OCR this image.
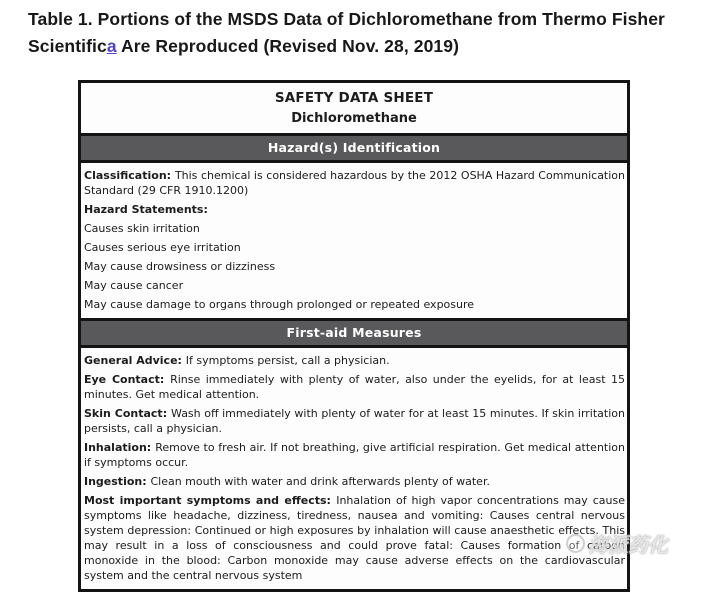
Table 1. Portions of the MSDS Data of Dichloromethane from Thermo Fisher
Scientifica Are Reproduced (Revised Nov. 28, 2019)
SAFETY DATA SHEET
Dichloromethane
Hazard(s) Identification

Classification: This chemical is considered hazardous by the 2012 OSHA Hazard Communication Standard (29 CFR 1910.1200)

Hazard Statements:

Causes skin irritation

Causes serious eye irritation

May cause drowsiness or dizziness

May cause cancer

May cause damage to organs through prolonged or repeated exposure

First-aid Measures

General Advice: If symptoms persist, call a physician.

Eye Contact: Rinse immediately with plenty of water, also under the eyelids, for at least 15 minutes. Get medical attention.

Skin Contact: Wash off immediately with plenty of water for at least 15 minutes. If skin irritation persists, call a physician.

Inhalation: Remove to fresh air. If not breathing, give artificial respiration. Get medical attention if symptoms occur.

Ingestion: Clean mouth with water and drink afterwards plenty of water.

Most important symptoms and effects: Inhalation of high vapor concentrations may cause symptoms like headache, dizziness, tiredness, nausea and vomiting: Causes central nervous system depression: Continued or high exposures by inhalation will cause anaesthetic effects. This may result in a loss of consciousness and could prove fatal: Causes formation of carbon monoxide in the blood: Carbon monoxide may cause adverse effects on the cardiovascular system and the central nervous system

海派药化
